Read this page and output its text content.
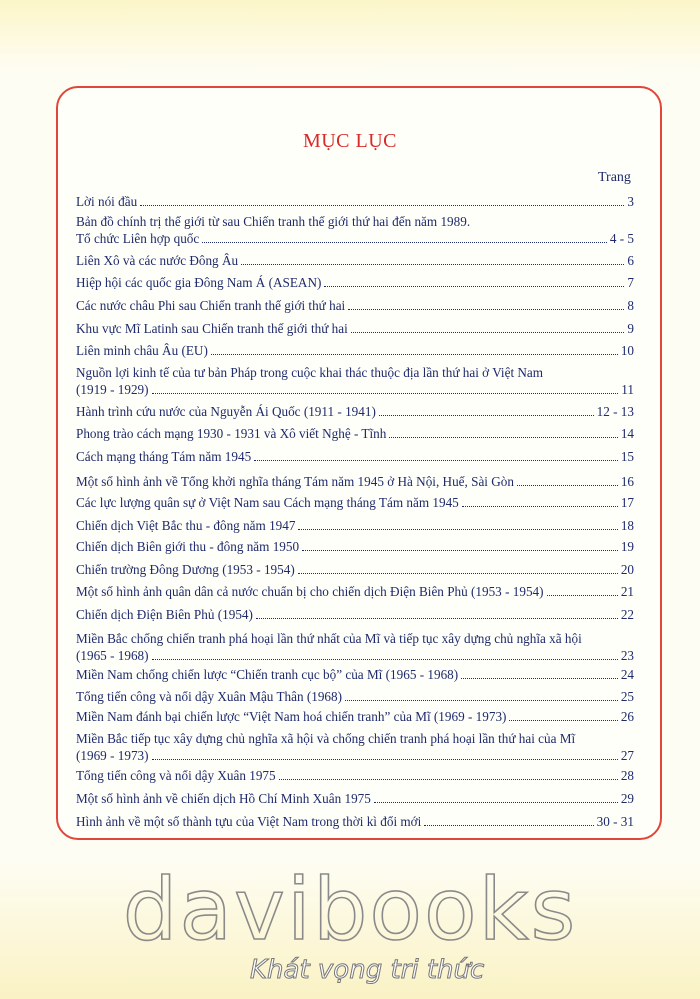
MỤC LỤC
Trang
Lời nói đầu	3
Bản đồ chính trị thế giới từ sau Chiến tranh thế giới thứ hai đến năm 1989.
Tổ chức Liên hợp quốc	4 - 5
Liên Xô và các nước Đông Âu	6
Hiệp hội các quốc gia Đông Nam Á (ASEAN)	7
Các nước châu Phi sau Chiến tranh thế giới thứ hai	8
Khu vực Mĩ Latinh sau Chiến tranh thế giới thứ hai	9
Liên minh châu Âu (EU)	10
Nguồn lợi kinh tế của tư bản Pháp trong cuộc khai thác thuộc địa lần thứ hai ở Việt Nam
(1919 - 1929)	11
Hành trình cứu nước của Nguyễn Ái Quốc (1911 - 1941)	12 - 13
Phong trào cách mạng 1930 - 1931 và Xô viết Nghệ - Tĩnh	14
Cách mạng tháng Tám năm 1945	15
Một số hình ảnh về Tổng khởi nghĩa tháng Tám năm 1945 ở Hà Nội, Huế, Sài Gòn	16
Các lực lượng quân sự ở Việt Nam sau Cách mạng tháng Tám năm 1945	17
Chiến dịch Việt Bắc thu - đông năm 1947	18
Chiến dịch Biên giới thu - đông năm 1950	19
Chiến trường Đông Dương (1953 - 1954)	20
Một số hình ảnh quân dân cả nước chuẩn bị cho chiến dịch Điện Biên Phủ (1953 - 1954)	21
Chiến dịch Điện Biên Phủ (1954)	22
Miền Bắc chống chiến tranh phá hoại lần thứ nhất của Mĩ và tiếp tục xây dựng chủ nghĩa xã hội
(1965 - 1968)	23
Miền Nam chống chiến lược “Chiến tranh cục bộ” của Mĩ (1965 - 1968)	24
Tổng tiến công và nổi dậy Xuân Mậu Thân (1968)	25
Miền Nam đánh bại chiến lược “Việt Nam hoá chiến tranh” của Mĩ (1969 - 1973)	26
Miền Bắc tiếp tục xây dựng chủ nghĩa xã hội và chống chiến tranh phá hoại lần thứ hai của Mĩ
(1969 - 1973)	27
Tổng tiến công và nổi dậy Xuân 1975	28
Một số hình ảnh về chiến dịch Hồ Chí Minh Xuân 1975	29
Hình ảnh về một số thành tựu của Việt Nam trong thời kì đổi mới	30 - 31
davibooks
Khát vọng tri thức
